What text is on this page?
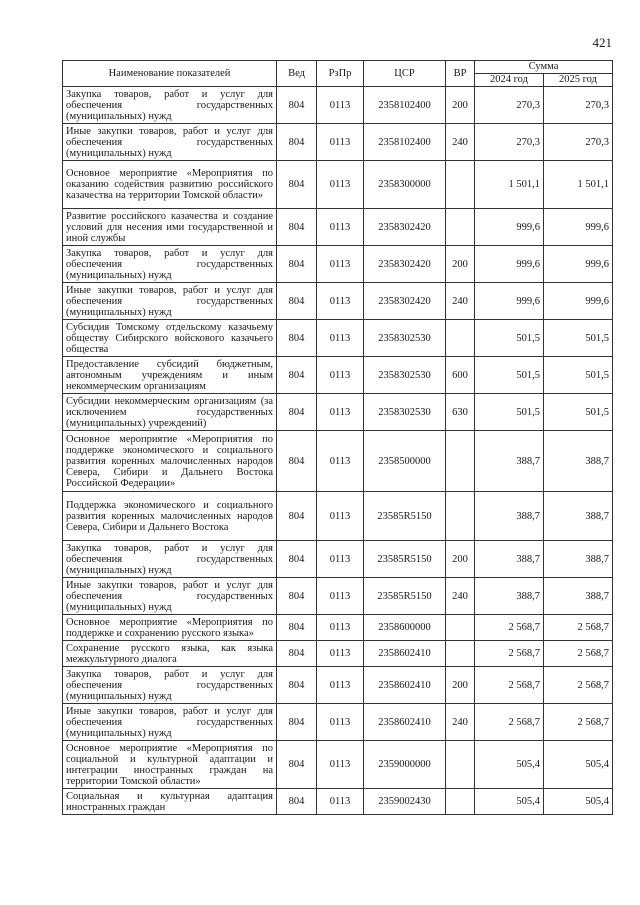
421
Наименование показателей	Вед	РзПр	ЦСР	ВР	Сумма	
					2024 год	2025 год
Закупка товаров, работ и услуг для обеспечения государственных (муниципальных) нужд	804	0113	2358102400	200	270,3	270,3
Иные закупки товаров, работ и услуг для обеспечения государственных (муниципальных) нужд	804	0113	2358102400	240	270,3	270,3
Основное мероприятие «Мероприятия по оказанию содействия развитию российского казачества на территории Томской области»	804	0113	2358300000		1 501,1	1 501,1
Развитие российского казачества и создание условий для несения ими государственной и иной службы	804	0113	2358302420		999,6	999,6
Закупка товаров, работ и услуг для обеспечения государственных (муниципальных) нужд	804	0113	2358302420	200	999,6	999,6
Иные закупки товаров, работ и услуг для обеспечения государственных (муниципальных) нужд	804	0113	2358302420	240	999,6	999,6
Субсидия Томскому отдельскому казачьему обществу Сибирского войскового казачьего общества	804	0113	2358302530		501,5	501,5
Предоставление субсидий бюджетным, автономным учреждениям и иным некоммерческим организациям	804	0113	2358302530	600	501,5	501,5
Субсидии некоммерческим организациям (за исключением государственных (муниципальных) учреждений)	804	0113	2358302530	630	501,5	501,5
Основное мероприятие «Мероприятия по поддержке экономического и социального развития коренных малочисленных народов Севера, Сибири и Дальнего Востока Российской Федерации»	804	0113	2358500000		388,7	388,7
Поддержка экономического и социального развития коренных малочисленных народов Севера, Сибири и Дальнего Востока	804	0113	23585R5150		388,7	388,7
Закупка товаров, работ и услуг для обеспечения государственных (муниципальных) нужд	804	0113	23585R5150	200	388,7	388,7
Иные закупки товаров, работ и услуг для обеспечения государственных (муниципальных) нужд	804	0113	23585R5150	240	388,7	388,7
Основное мероприятие «Мероприятия по поддержке и сохранению русского языка»	804	0113	2358600000		2 568,7	2 568,7
Сохранение русского языка, как языка межкультурного диалога	804	0113	2358602410		2 568,7	2 568,7
Закупка товаров, работ и услуг для обеспечения государственных (муниципальных) нужд	804	0113	2358602410	200	2 568,7	2 568,7
Иные закупки товаров, работ и услуг для обеспечения государственных (муниципальных) нужд	804	0113	2358602410	240	2 568,7	2 568,7
Основное мероприятие «Мероприятия по социальной и культурной адаптации и интеграции иностранных граждан на территории Томской области»	804	0113	2359000000		505,4	505,4
Социальная и культурная адаптация иностранных граждан	804	0113	2359002430		505,4	505,4
